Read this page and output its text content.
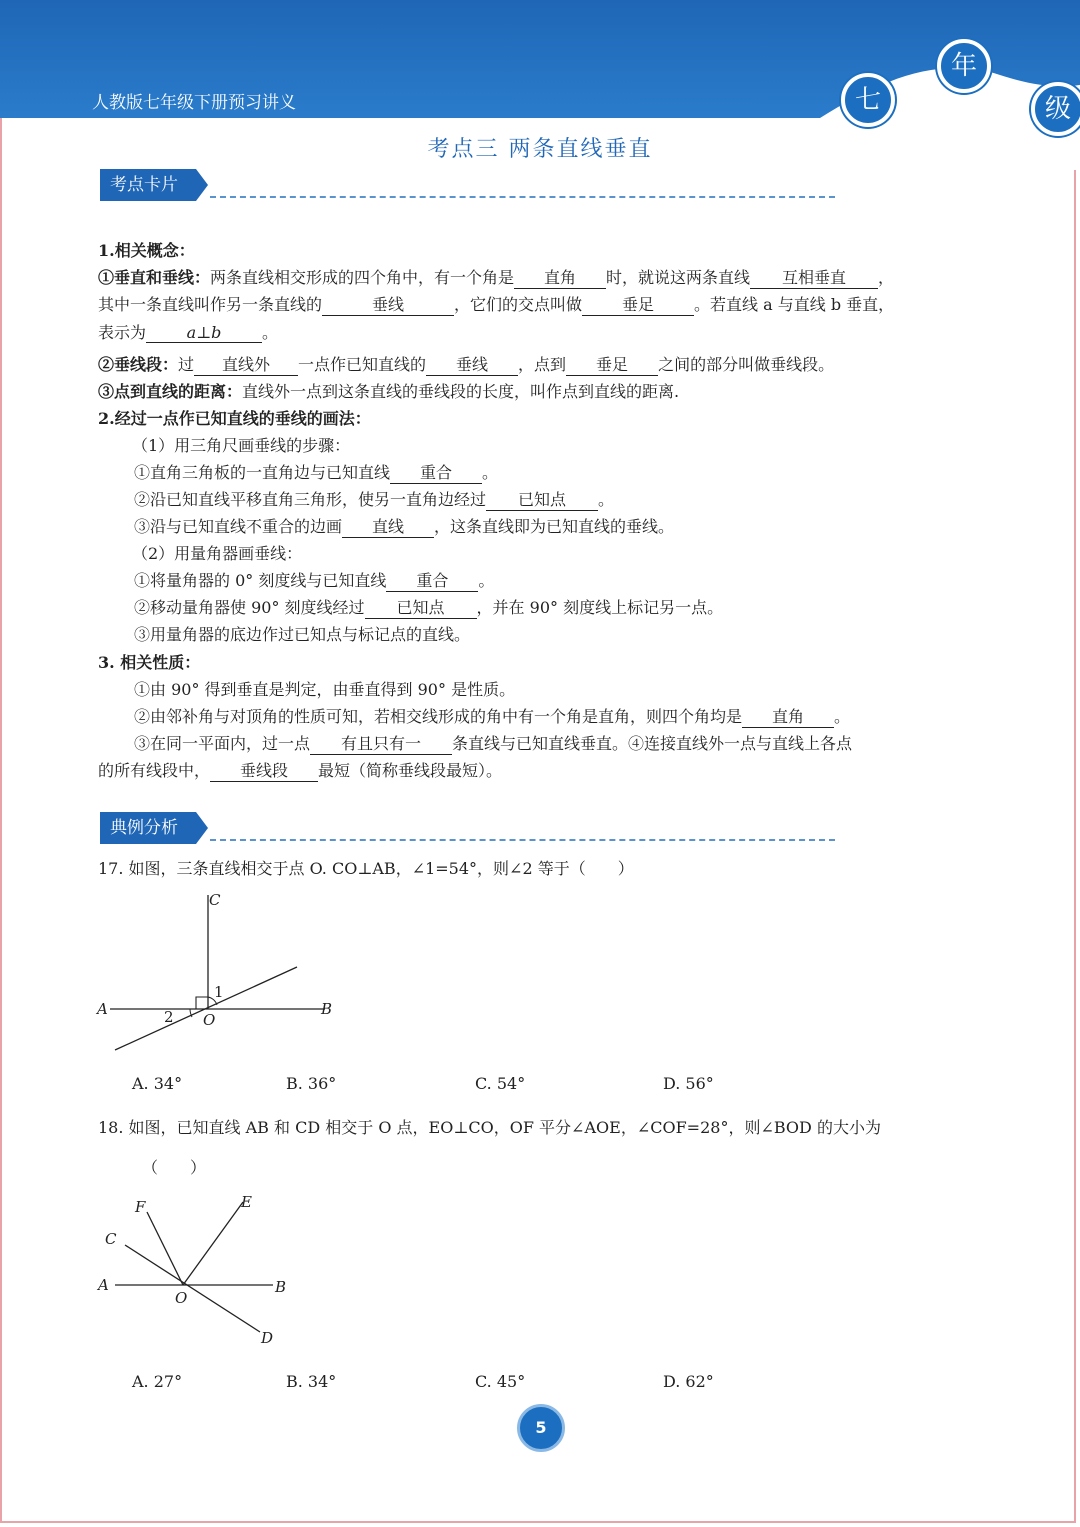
人教版七年级下册预习讲义	七
年
级
考点三 两条直线垂直
考点卡片
1.相关概念：
①垂直和垂线：两条直线相交形成的四个角中，有一个角是 直角 时，就说这两条直线 互相垂直 ，
其中一条直线叫作另一条直线的	垂线	，它们的交点叫做 垂足	。若直线 a 与直线 b 垂直，
表示为	a⊥b	。
②垂线段：过 直线外 一点作已知直线的 垂线 ，点到 垂足 之间的部分叫做垂线段。
③点到直线的距离：直线外一点到这条直线的垂线段的长度，叫作点到直线的距离.
2.经过一点作已知直线的垂线的画法：
（1）用三角尺画垂线的步骤：
①直角三角板的一直角边与已知直线 重合 。
②沿已知直线平移直角三角形，使另一直角边经过 已知点 。
③沿与已知直线不重合的边画 直线 ，这条直线即为已知直线的垂线。
（2）用量角器画垂线：
①将量角器的 0° 刻度线与已知直线 重合 。
②移动量角器使 90° 刻度线经过 已知点 ，并在 90° 刻度线上标记另一点。
③用量角器的底边作过已知点与标记点的直线。
3. 相关性质：
①由 90° 得到垂直是判定，由垂直得到 90° 是性质。
②由邻补角与对顶角的性质可知，若相交线形成的角中有一个角是直角，则四个角均是 直角 。
③在同一平面内，过一点 有且只有一 条直线与已知直线垂直。④连接直线外一点与直线上各点
的所有线段中， 垂线段 最短（简称垂线段最短）。
典例分析
17. 如图，三条直线相交于点 O. CO⊥AB，∠1=54°，则∠2 等于（　　）
C
A	B
O
1
2
A. 34°	B. 36°	C. 54°	D. 56°
18. 如图，已知直线 AB 和 CD 相交于 O 点，EO⊥CO，OF 平分∠AOE，∠COF=28°，则∠BOD 的大小为
（　　）
A	B
C
D
E
F
O
A. 27°	B. 34°	C. 45°	D. 62°
5
